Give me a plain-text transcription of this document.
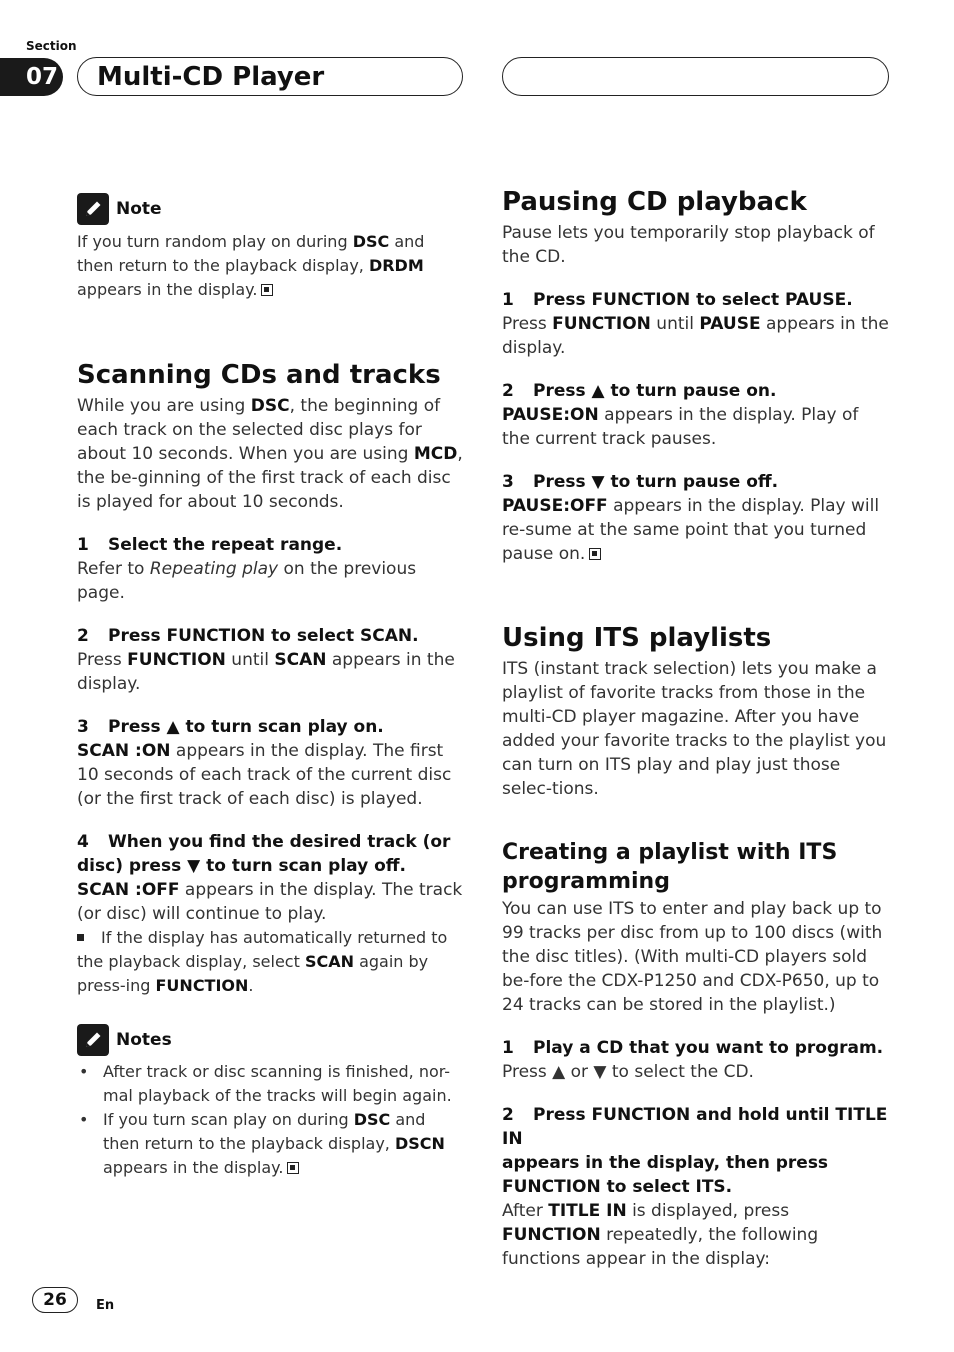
Section
07	Multi-CD Player
Note

If you turn random play on during DSC and then return to the playback display, DRDM appears in the display.

Scanning CDs and tracks

While you are using DSC, the beginning of each track on the selected disc plays for about 10 seconds. When you are using MCD, the be-ginning of the first track of each disc is played for about 10 seconds.

1 Select the repeat range.

Refer to Repeating play on the previous page.

2 Press FUNCTION to select SCAN.

Press FUNCTION until SCAN appears in the display.

3 Press ▲ to turn scan play on.

SCAN :ON appears in the display. The first 10 seconds of each track of the current disc (or the first track of each disc) is played.

4 When you find the desired track (or
disc) press ▼ to turn scan play off.

SCAN :OFF appears in the display. The track (or disc) will continue to play.

If the display has automatically returned to the playback display, select SCAN again by press-ing FUNCTION.

Notes

• After track or disc scanning is finished, nor-mal playback of the tracks will begin again.

• If you turn scan play on during DSC and then return to the playback display, DSCN appears in the display.

Pausing CD playback

Pause lets you temporarily stop playback of the CD.

1 Press FUNCTION to select PAUSE.

Press FUNCTION until PAUSE appears in the display.

2 Press ▲ to turn pause on.

PAUSE:ON appears in the display. Play of the current track pauses.

3 Press ▼ to turn pause off.

PAUSE:OFF appears in the display. Play will re-sume at the same point that you turned pause on.

Using ITS playlists

ITS (instant track selection) lets you make a playlist of favorite tracks from those in the multi-CD player magazine. After you have added your favorite tracks to the playlist you can turn on ITS play and play just those selec-tions.

Creating a playlist with ITS programming

You can use ITS to enter and play back up to 99 tracks per disc from up to 100 discs (with the disc titles). (With multi-CD players sold be-fore the CDX-P1250 and CDX-P650, up to 24 tracks can be stored in the playlist.)

1 Play a CD that you want to program.

Press ▲ or ▼ to select the CD.

2 Press FUNCTION and hold until TITLE IN
appears in the display, then press
FUNCTION to select ITS.

After TITLE IN is displayed, press FUNCTION repeatedly, the following functions appear in the display:

26	En
